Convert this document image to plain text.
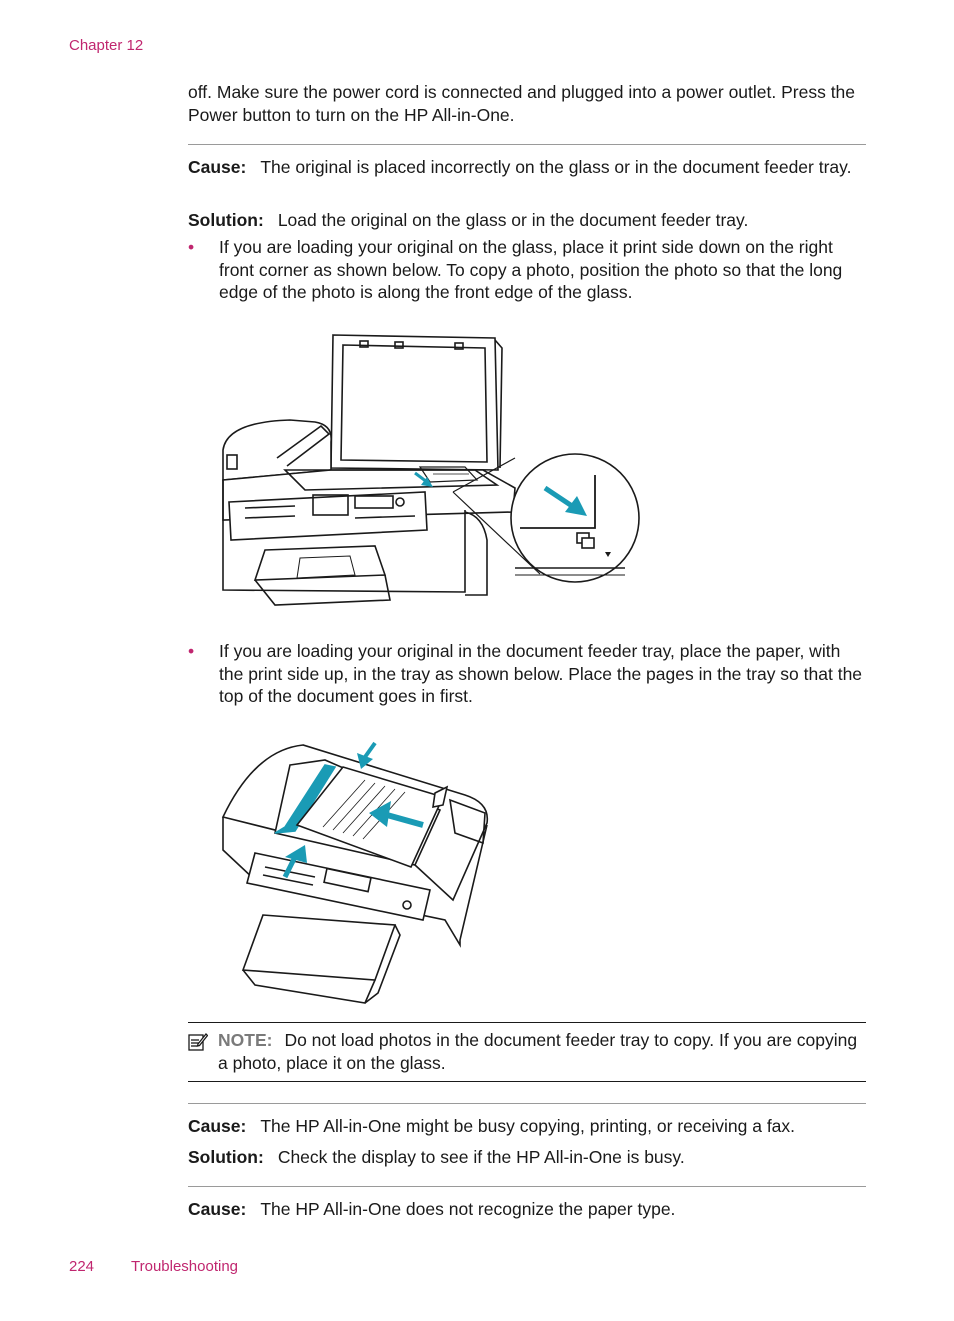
Chapter 12
off. Make sure the power cord is connected and plugged into a power outlet. Press the Power button to turn on the HP All-in-One.
Cause: The original is placed incorrectly on the glass or in the document feeder tray.
Solution: Load the original on the glass or in the document feeder tray.
• If you are loading your original on the glass, place it print side down on the right front corner as shown below. To copy a photo, position the photo so that the long edge of the photo is along the front edge of the glass.
• If you are loading your original in the document feeder tray, place the paper, with the print side up, in the tray as shown below. Place the pages in the tray so that the top of the document goes in first.
NOTE: Do not load photos in the document feeder tray to copy. If you are copying a photo, place it on the glass.
Cause: The HP All-in-One might be busy copying, printing, or receiving a fax.
Solution: Check the display to see if the HP All-in-One is busy.
Cause: The HP All-in-One does not recognize the paper type.
224 Troubleshooting
